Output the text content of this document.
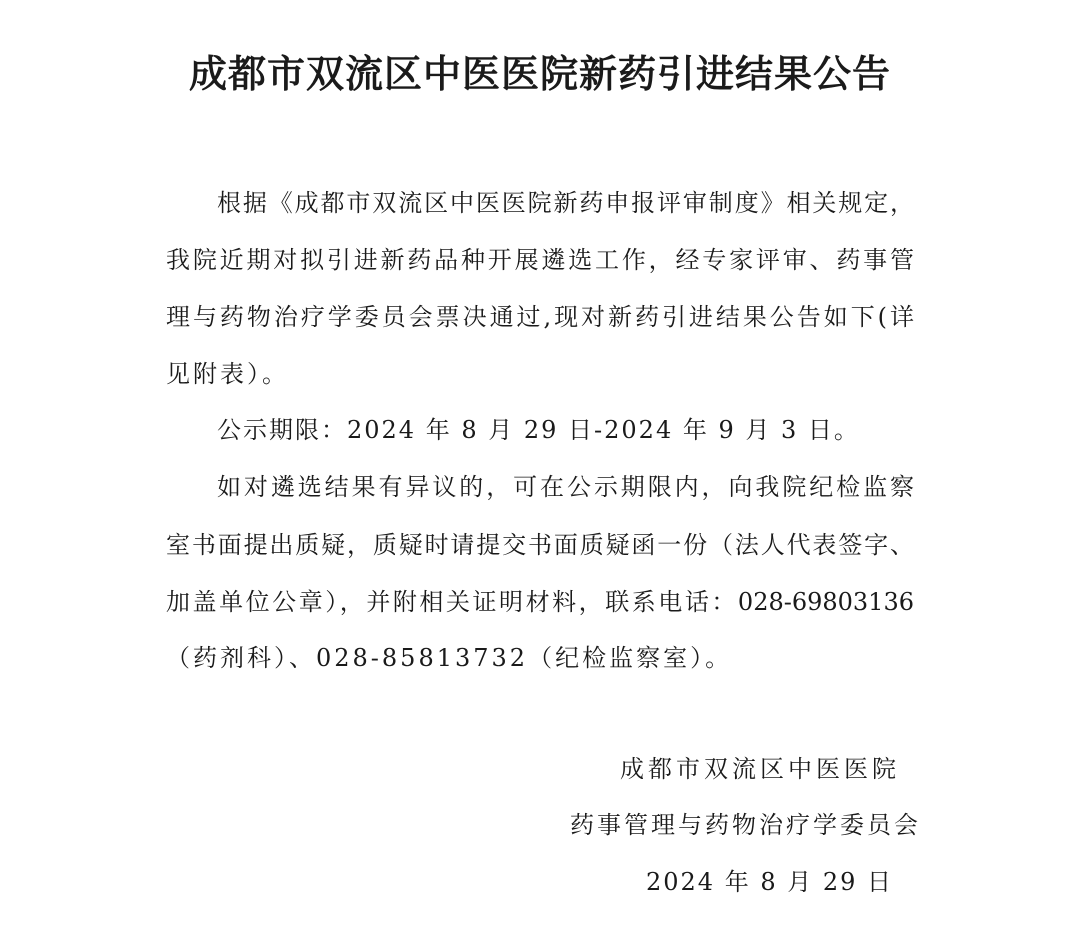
成都市双流区中医医院新药引进结果公告
根据《成都市双流区中医医院新药申报评审制度》相关规定，
我院近期对拟引进新药品种开展遴选工作，经专家评审、药事管
理与药物治疗学委员会票决通过,现对新药引进结果公告如下(详
见附表）。
公示期限：2024 年 8 月 29 日-2024 年 9 月 3 日。
如对遴选结果有异议的，可在公示期限内，向我院纪检监察
室书面提出质疑，质疑时请提交书面质疑函一份（法人代表签字、
加盖单位公章），并附相关证明材料，联系电话：028-69803136
（药剂科）、028-85813732（纪检监察室）。
成都市双流区中医医院
药事管理与药物治疗学委员会
2024 年 8 月 29 日
